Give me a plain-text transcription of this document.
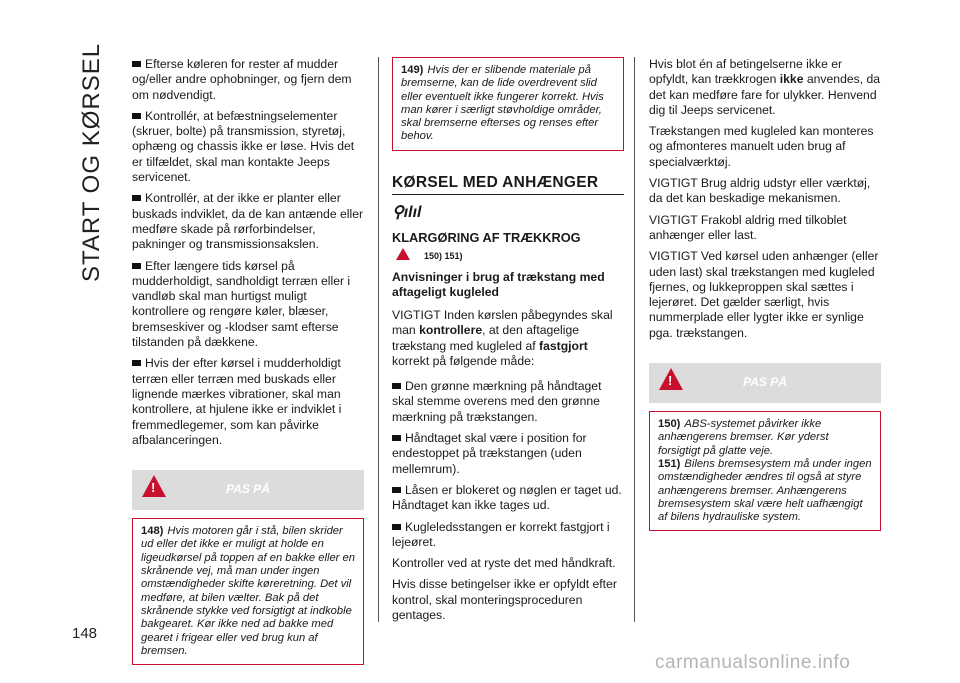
START OG KØRSEL
148

Efterse køleren for rester af mudder og/eller andre ophobninger, og fjern dem om nødvendigt.

Kontrollér, at befæstningselementer (skruer, bolte) på transmission, styretøj, ophæng og chassis ikke er løse. Hvis det er tilfældet, skal man kontakte Jeeps servicenet.

Kontrollér, at der ikke er planter eller buskads indviklet, da de kan antænde eller medføre skade på rørforbindelser, pakninger og transmissionsakslen.

Efter længere tids kørsel på mudderholdigt, sandholdigt terræn eller i vandløb skal man hurtigst muligt kontrollere og rengøre køler, blæser, bremseskiver og -klodser samt efterse tilstanden på dækkene.

Hvis der efter kørsel i mudderholdigt terræn eller terræn med buskads eller lignende mærkes vibrationer, skal man kontrollere, at hjulene ikke er indviklet i fremmedlegemer, som kan påvirke afbalanceringen.

!	PAS PÅ
148) Hvis motoren går i stå, bilen skrider ud eller det ikke er muligt at holde en ligeudkørsel på toppen af en bakke eller en skrånende vej, må man under ingen omstændigheder skifte køreretning. Det vil medføre, at bilen vælter. Bak på det skrånende stykke ved forsigtigt at indkoble bakgearet. Kør ikke ned ad bakke med gearet i frigear eller ved brug kun af bremsen.
149) Hvis der er slibende materiale på bremserne, kan de lide overdrevent slid eller eventuelt ikke fungerer korrekt. Hvis man kører i særligt støvholdige områder, skal bremserne efterses og renses efter behov.
KØRSEL MED ANHÆNGER
⚲ılıl
KLARGØRING AF TRÆKKROG
150) 151)
Anvisninger i brug af trækstang med aftageligt kugleled

VIGTIGT Inden kørslen påbegyndes skal man kontrollere, at den aftagelige trækstang med kugleled af fastgjort korrekt på følgende måde:

Den grønne mærkning på håndtaget skal stemme overens med den grønne mærkning på trækstangen.

Håndtaget skal være i position for endestoppet på trækstangen (uden mellemrum).

Låsen er blokeret og nøglen er taget ud. Håndtaget kan ikke tages ud.

Kugleledsstangen er korrekt fastgjort i lejeøret.

Kontroller ved at ryste det med håndkraft.

Hvis disse betingelser ikke er opfyldt efter kontrol, skal monteringsproceduren gentages.

Hvis blot én af betingelserne ikke er opfyldt, kan trækkrogen ikke anvendes, da det kan medføre fare for ulykker. Henvend dig til Jeeps servicenet.

Trækstangen med kugleled kan monteres og afmonteres manuelt uden brug af specialværktøj.

VIGTIGT Brug aldrig udstyr eller værktøj, da det kan beskadige mekanismen.

VIGTIGT Frakobl aldrig med tilkoblet anhænger eller last.

VIGTIGT Ved kørsel uden anhænger (eller uden last) skal trækstangen med kugleled fjernes, og lukkeproppen skal sættes i lejerøret. Det gælder særligt, hvis nummerplade eller lygter ikke er synlige pga. trækstangen.

!	PAS PÅ
150) ABS-systemet påvirker ikke anhængerens bremser. Kør yderst forsigtigt på glatte veje.
151) Bilens bremsesystem må under ingen omstændigheder ændres til også at styre anhængerens bremser. Anhængerens bremsesystem skal være helt uafhængigt af bilens hydrauliske system.
carmanualsonline.info
